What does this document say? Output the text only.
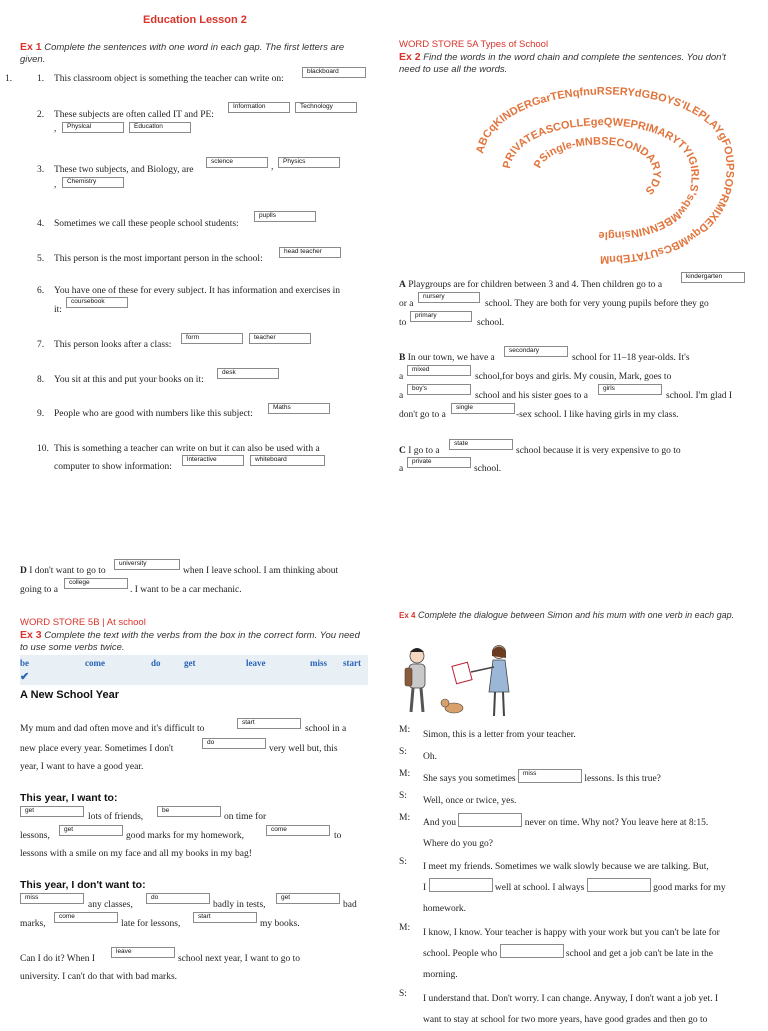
Education Lesson 2
Ex 1 Complete the sentences with one word in each gap. The first letters are given.
1.	1. This classroom object is something the teacher can write on:
blackboard
2. These subjects are often called IT and PE:
Informatlon	Technology
,	Physlcal	Educatlon
3. These two subjects, and Biology, are
sclence
,
Physics
,	Chemistry
4. Sometimes we call these people school students:
puplls
5. This person is the most important person in the school:
head teacher
6. You have one of these for every subject. It has information and exercises in
it:
coursebook
7. This person looks after a class:
form	teacher
8. You sit at this and put your books on it:
desk
9. People who are good with numbers like this subject:
Maths
10. This is something a teacher can write on but it can also be used with a
computer to show information:
lnteractive	whiteboard
WORD STORE 5A Types of School
Ex 2 Find the words in the word chain and complete the sentences. You don't need to use all the words.
ABCqKINDERGarTENqfnuRSERYdGBOYS'ILEPLAYgFOUPSOPRMIXEDqwMBCsUTATEbnM
PRIVATEASCOLLEgeQWEPRIMARYTYIGIRLS'sqwMBENNINsingle
PSingle-MNBSECONDARYDS
A Playgroups are for children between 3 and 4. Then children go to a
kindergarten
or a
nursery
school. They are both for very young pupils before they go
to
primary
school.
B In our town, we have a
secondary
school for 11–18 year-olds. It's
a
mixed
school,for boys and girls. My cousin, Mark, goes to
a
boy's
school and his sister goes to a
girls
school. I'm glad I
don't go to a
single
-sex school. I like having girls in my class.
C I go to a
state
school because it is very expensive to go to
a
private
school.
D I don't want to go to
university
when I leave school. I am thinking about
going to a
college
. I want to be a car mechanic.
WORD STORE 5B | At school
Ex 3 Complete the text with the verbs from the box in the correct form. You need to use some verbs twice.
be	come	do	get	leave	miss start
✔
A New School Year
My mum and dad often move and it's difficult to
start
school in a
new place every year. Sometimes I don't
do
very well but, this
year, I want to have a good year.
This year, I want to:
get
lots of friends,
be
on time for
lessons,
get
good marks for my homework,
come
to
lessons with a smile on my face and all my books in my bag!
This year, I don't want to:
miss
any classes,
do
badly in tests,
get
bad
marks,
come
late for lessons,
start
my books.
Can I do it? When I
leave
school next year, I want to go to
university. I can't do that with bad marks.
Ex 4 Complete the dialogue between Simon and his mum with one verb in each gap.
M: Simon, this is a letter from your teacher.
S: Oh.
M: She says you sometimes miss lessons. Is this true?
S: Well, once or twice, yes.
M: And you	never on time. Why not? You leave here at 8:15.
Where do you go?
S: I meet my friends. Sometimes we walk slowly because we are talking. But,
I	well at school. I always	good marks for my
homework.
M: I know, I know. Your teacher is happy with your work but you can't be late for
school. People who	school and get a job can't be late in the
morning.
S: I understand that. Don't worry. I can change. Anyway, I don't want a job yet. I
want to stay at school for two more years, have good grades and then go to
